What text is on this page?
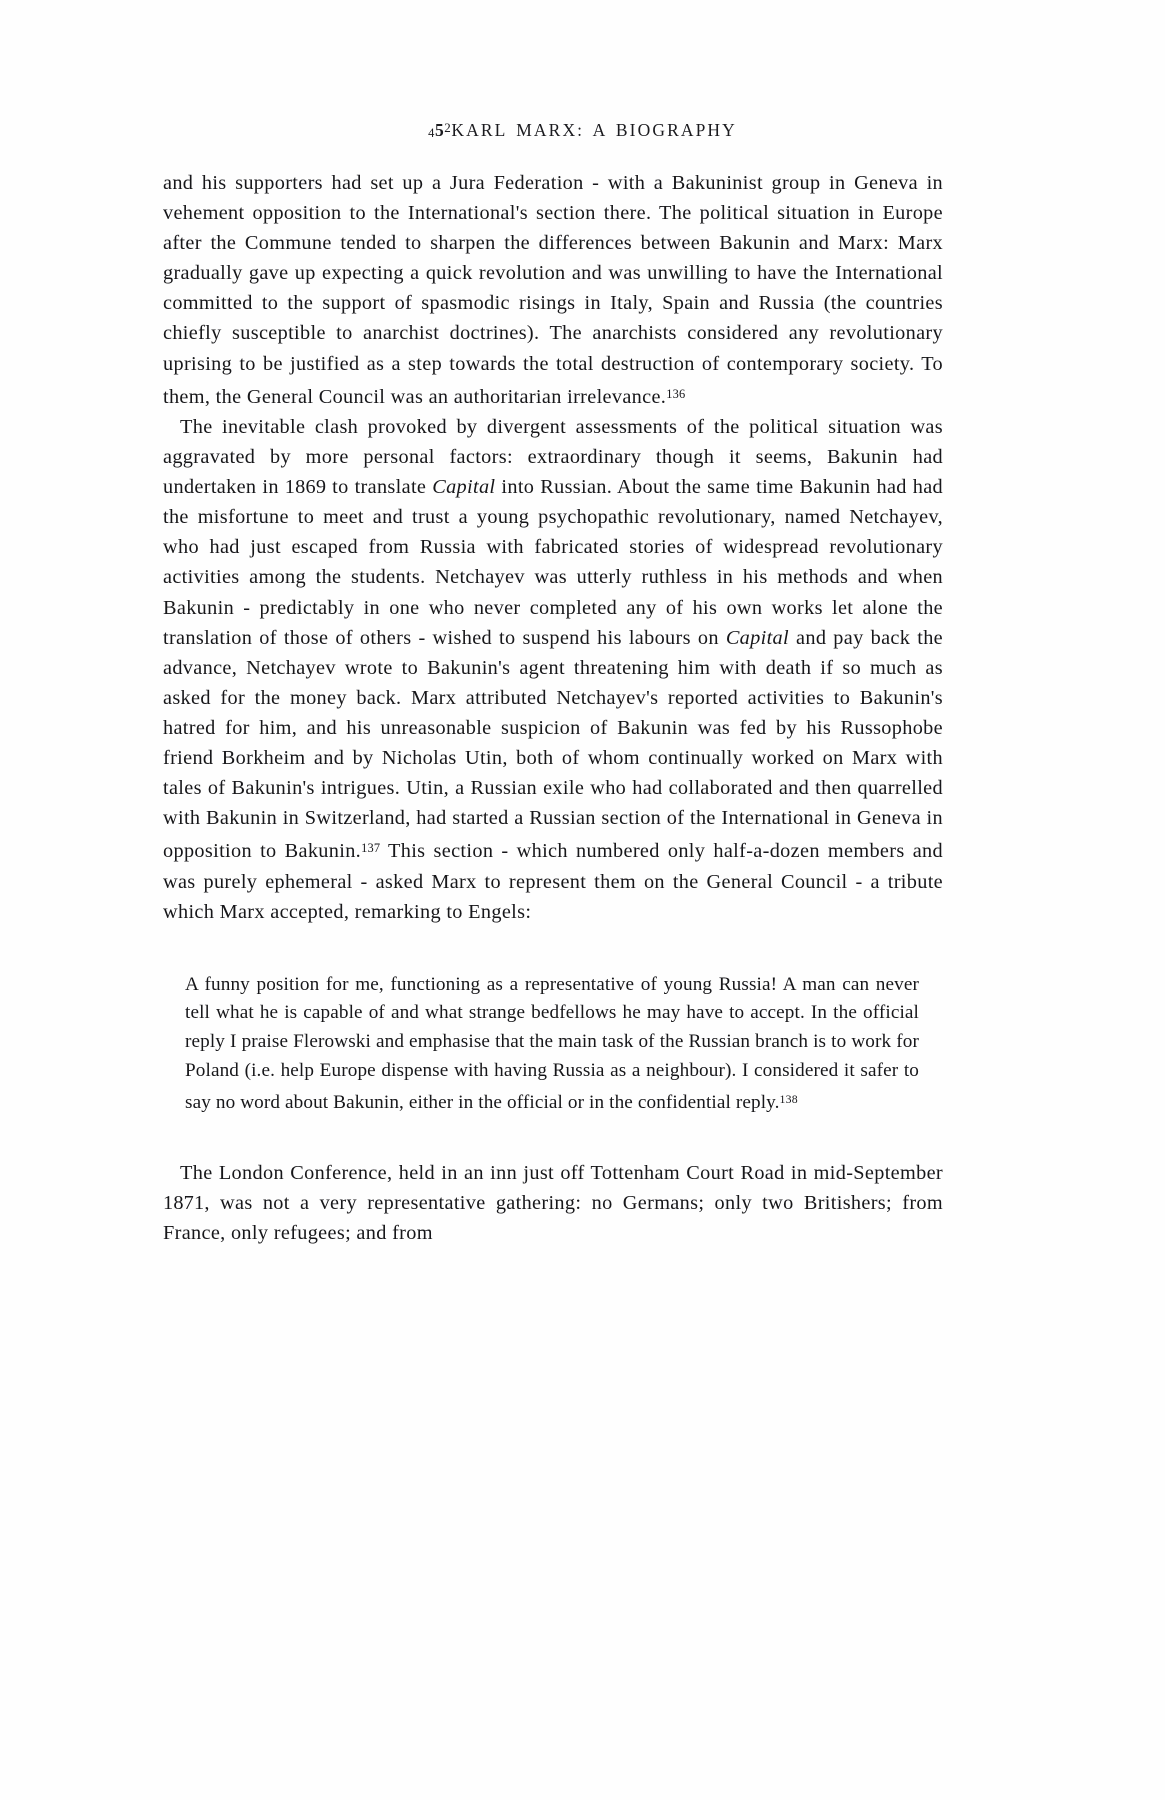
$45^2KARL$ MARX: A BIOGRAPHY

and his supporters had set up a Jura Federation - with a Bakuninist group in Geneva in vehement opposition to the International's section there. The political situation in Europe after the Commune tended to sharpen the differences between Bakunin and Marx: Marx gradually gave up expecting a quick revolution and was unwilling to have the International committed to the support of spasmodic risings in Italy, Spain and Russia (the countries chiefly susceptible to anarchist doctrines). The anarchists considered any revolutionary uprising to be justified as a step towards the total destruction of contemporary society. To them, the General Council was an authoritarian irrelevance.$^{136}$

The inevitable clash provoked by divergent assessments of the political situation was aggravated by more personal factors: extraordinary though it seems, Bakunin had undertaken in 1869 to translate Capital into Russian. About the same time Bakunin had had the misfortune to meet and trust a young psychopathic revolutionary, named Netchayev, who had just escaped from Russia with fabricated stories of widespread revolutionary activities among the students. Netchayev was utterly ruthless in his methods and when Bakunin - predictably in one who never completed any of his own works let alone the translation of those of others - wished to suspend his labours on Capital and pay back the advance, Netchayev wrote to Bakunin's agent threatening him with death if so much as asked for the money back. Marx attributed Netchayev's reported activities to Bakunin's hatred for him, and his unreasonable suspicion of Bakunin was fed by his Russophobe friend Borkheim and by Nicholas Utin, both of whom continually worked on Marx with tales of Bakunin's intrigues. Utin, a Russian exile who had collaborated and then quarrelled with Bakunin in Switzerland, had started a Russian section of the International in Geneva in opposition to Bakunin.$^{137}$ This section - which numbered only half-a-dozen members and was purely ephemeral - asked Marx to represent them on the General Council - a tribute which Marx accepted, remarking to Engels:

A funny position for me, functioning as a representative of young Russia! A man can never tell what he is capable of and what strange bedfellows he may have to accept. In the official reply I praise Flerowski and emphasise that the main task of the Russian branch is to work for Poland (i.e. help Europe dispense with having Russia as a neighbour). I considered it safer to say no word about Bakunin, either in the official or in the confidential reply.$^{138}$

The London Conference, held in an inn just off Tottenham Court Road in mid-September 1871, was not a very representative gathering: no Germans; only two Britishers; from France, only refugees; and from
